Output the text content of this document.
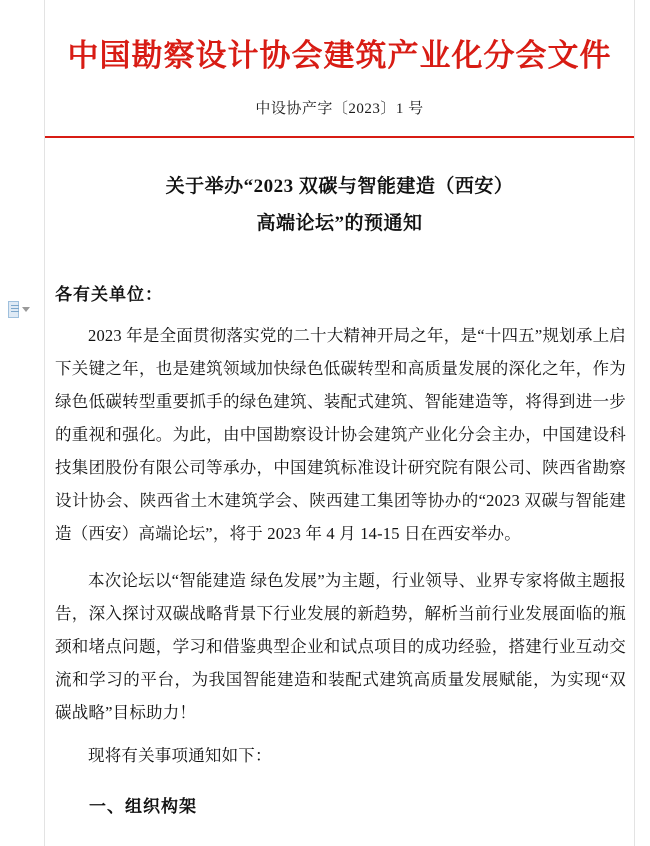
中国勘察设计协会建筑产业化分会文件
中设协产字〔2023〕1 号
关于举办“2023 双碳与智能建造（西安）
高端论坛”的预通知
各有关单位：
2023 年是全面贯彻落实党的二十大精神开局之年，是“十四五”规划承上启下关键之年，也是建筑领域加快绿色低碳转型和高质量发展的深化之年，作为绿色低碳转型重要抓手的绿色建筑、装配式建筑、智能建造等，将得到进一步的重视和强化。为此，由中国勘察设计协会建筑产业化分会主办，中国建设科技集团股份有限公司等承办，中国建筑标准设计研究院有限公司、陕西省勘察设计协会、陕西省土木建筑学会、陕西建工集团等协办的“2023 双碳与智能建造（西安）高端论坛”，将于 2023 年 4 月 14-15 日在西安举办。
本次论坛以“智能建造 绿色发展”为主题，行业领导、业界专家将做主题报告，深入探讨双碳战略背景下行业发展的新趋势，解析当前行业发展面临的瓶颈和堵点问题，学习和借鉴典型企业和试点项目的成功经验，搭建行业互动交流和学习的平台，为我国智能建造和装配式建筑高质量发展赋能，为实现“双碳战略”目标助力！
现将有关事项通知如下：
一、组织构架
